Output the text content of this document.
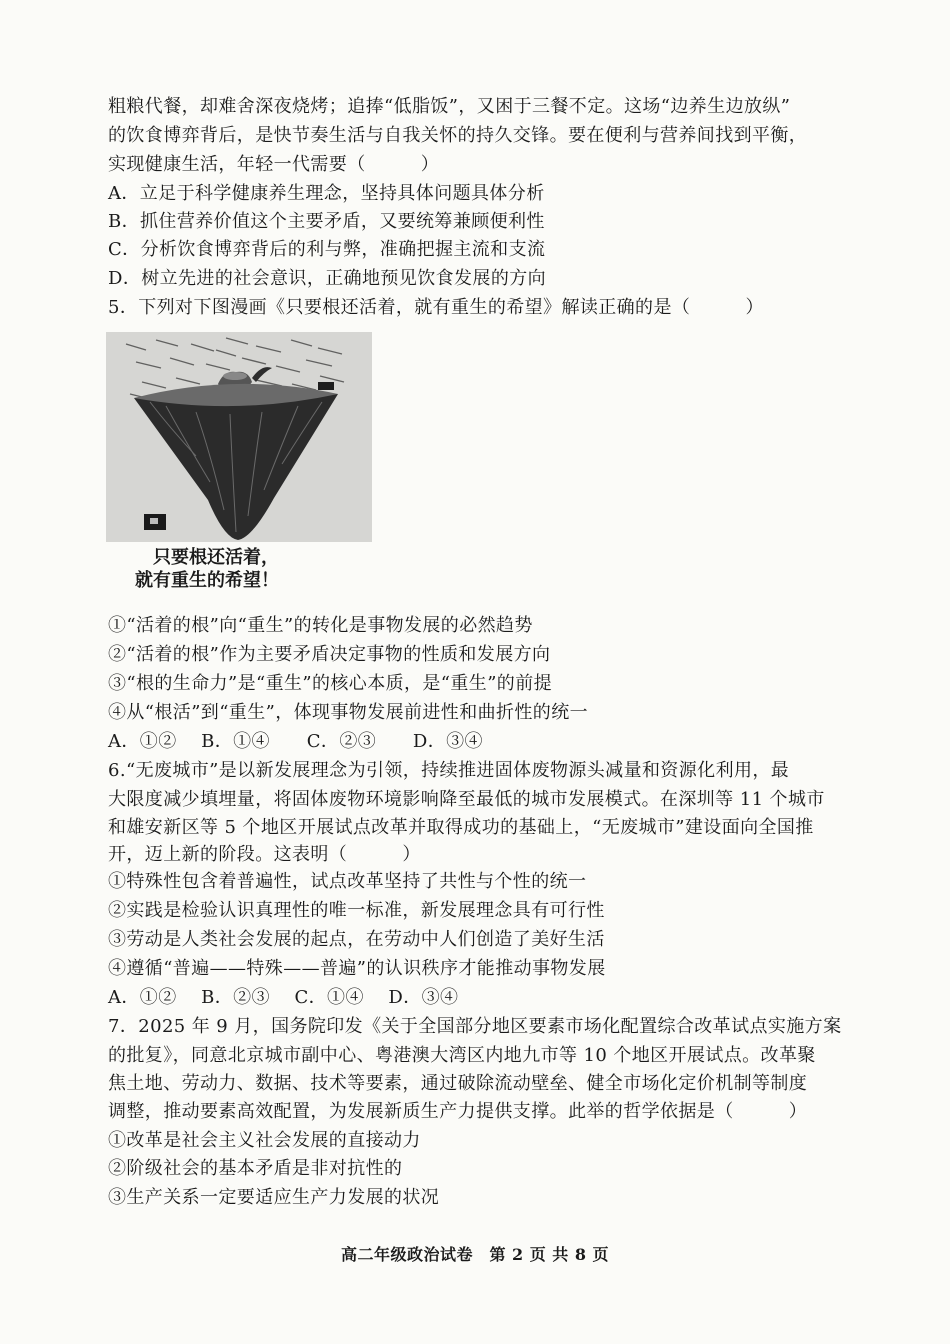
粗粮代餐，却难舍深夜烧烤；追捧“低脂饭”，又困于三餐不定。这场“边养生边放纵”
的饮食博弈背后，是快节奏生活与自我关怀的持久交锋。要在便利与营养间找到平衡，
实现健康生活，年轻一代需要（　　　）
A．立足于科学健康养生理念，坚持具体问题具体分析
B．抓住营养价值这个主要矛盾，又要统筹兼顾便利性
C．分析饮食博弈背后的利与弊，准确把握主流和支流
D．树立先进的社会意识，正确地预见饮食发展的方向
5．下列对下图漫画《只要根还活着，就有重生的希望》解读正确的是（　　　）
只要根还活着，
就有重生的希望！
①“活着的根”向“重生”的转化是事物发展的必然趋势
②“活着的根”作为主要矛盾决定事物的性质和发展方向
③“根的生命力”是“重生”的核心本质，是“重生”的前提
④从“根活”到“重生”，体现事物发展前进性和曲折性的统一
A．①②　 B．①④　　C．②③　　D．③④
6.“无废城市”是以新发展理念为引领，持续推进固体废物源头减量和资源化利用，最
大限度减少填埋量，将固体废物环境影响降至最低的城市发展模式。在深圳等 11 个城市
和雄安新区等 5 个地区开展试点改革并取得成功的基础上，“无废城市”建设面向全国推
开，迈上新的阶段。这表明（　　　）
①特殊性包含着普遍性，试点改革坚持了共性与个性的统一
②实践是检验认识真理性的唯一标准，新发展理念具有可行性
③劳动是人类社会发展的起点，在劳动中人们创造了美好生活
④遵循“普遍——特殊——普遍”的认识秩序才能推动事物发展
A．①②　 B．②③　 C．①④　 D．③④
7．2025 年 9 月，国务院印发《关于全国部分地区要素市场化配置综合改革试点实施方案
的批复》，同意北京城市副中心、粤港澳大湾区内地九市等 10 个地区开展试点。改革聚
焦土地、劳动力、数据、技术等要素，通过破除流动壁垒、健全市场化定价机制等制度
调整，推动要素高效配置，为发展新质生产力提供支撑。此举的哲学依据是（　　　）
①改革是社会主义社会发展的直接动力
②阶级社会的基本矛盾是非对抗性的
③生产关系一定要适应生产力发展的状况
高二年级政治试卷　第 2 页 共 8 页
